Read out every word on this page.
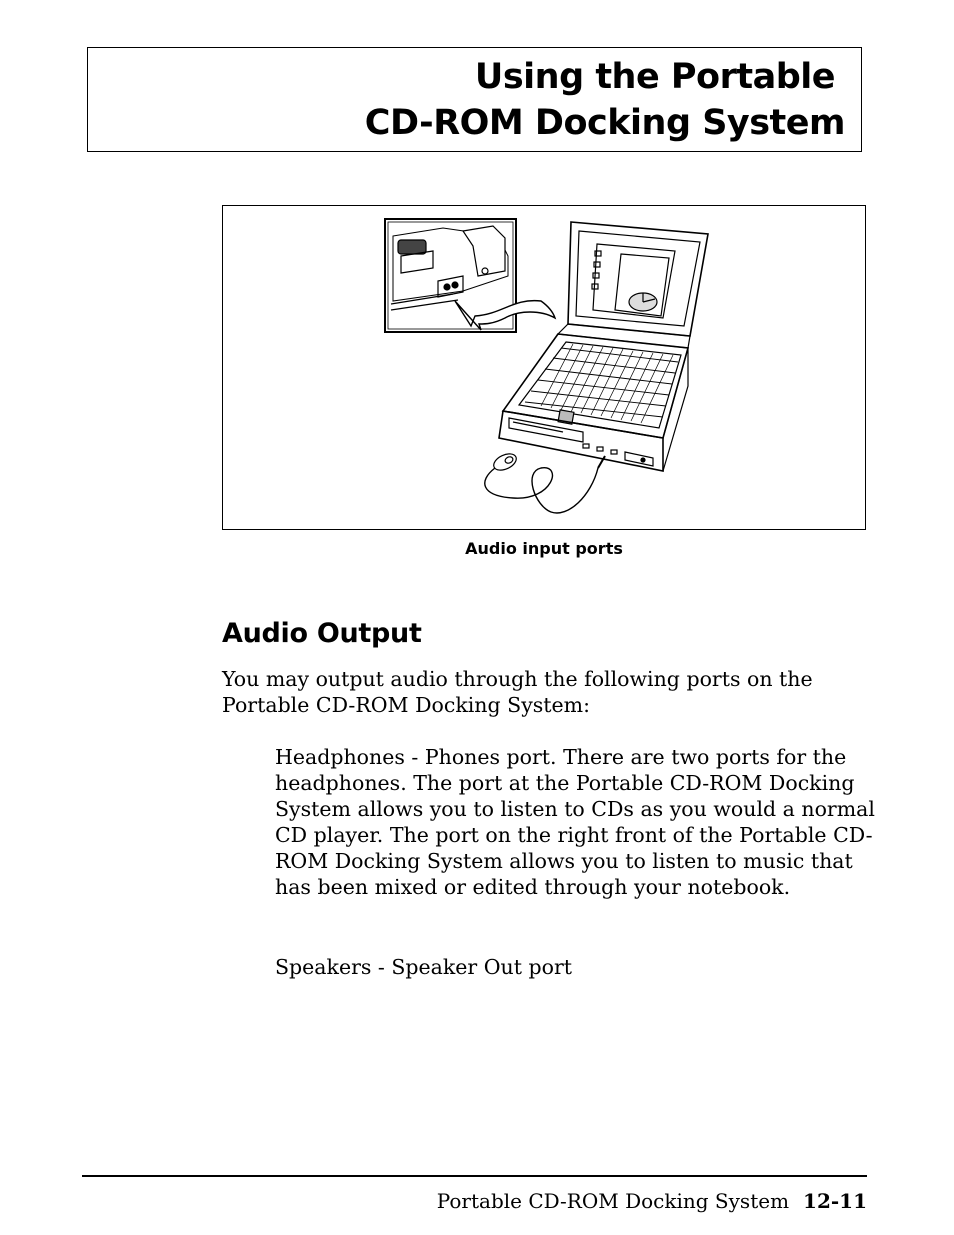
Using the Portable
CD-ROM Docking System
Audio input ports
Audio Output
You may output audio through the following ports on the Portable CD-ROM Docking System:
Headphones - Phones port. There are two ports for the headphones. The port at the Portable CD-ROM Docking System allows you to listen to CDs as you would a normal CD player. The port on the right front of the Portable CD-ROM Docking System allows you to listen to music that has been mixed or edited through your notebook.
Speakers - Speaker Out port
Portable CD-ROM Docking System 12-11
